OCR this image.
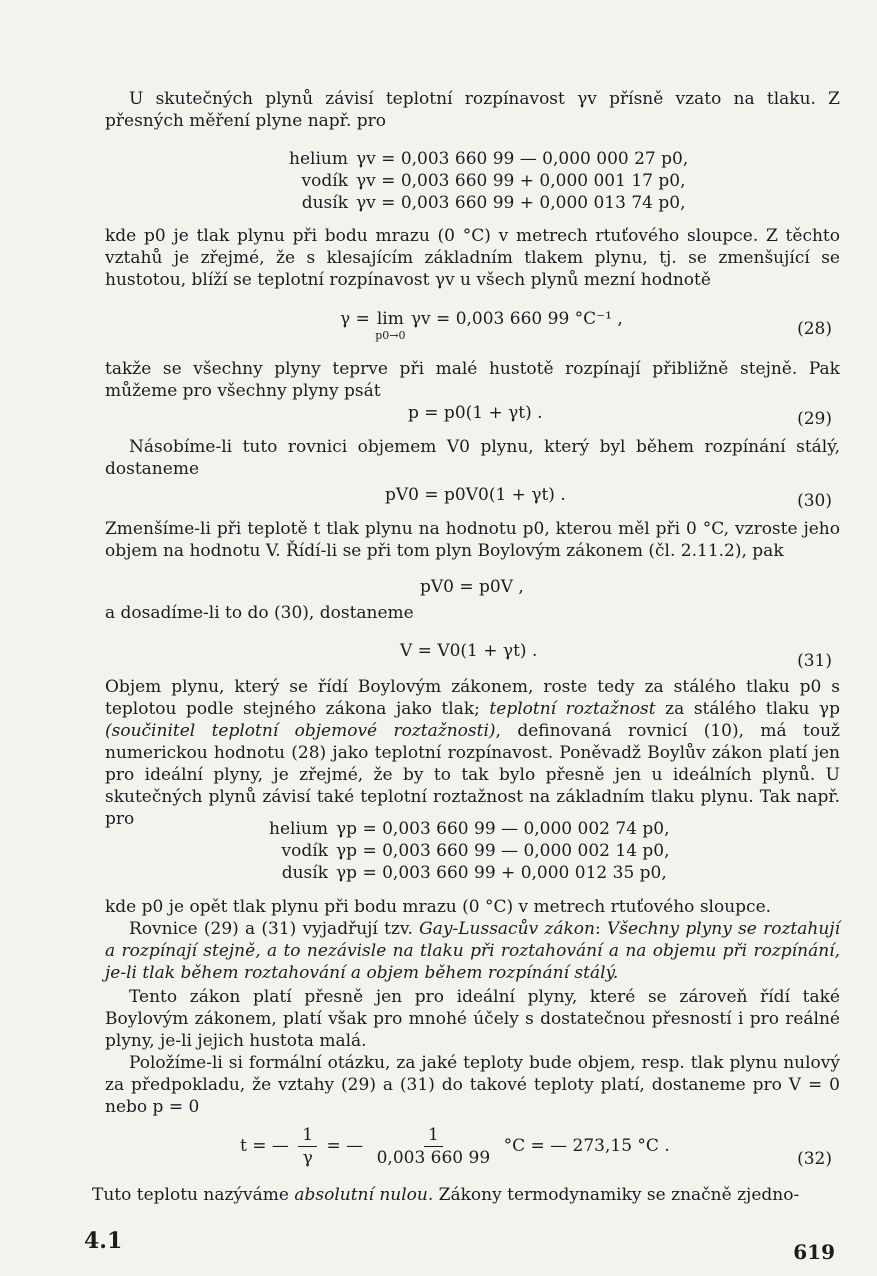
U skutečných plynů závisí teplotní rozpínavost γv přísně vzato na tlaku. Z přesných měření plyne např. pro

helium γv = 0,003 660 99 — 0,000 000 27 p0,
vodík γv = 0,003 660 99 + 0,000 001 17 p0,
dusík γv = 0,003 660 99 + 0,000 013 74 p0,

kde p0 je tlak plynu při bodu mrazu (0 °C) v metrech rtuťového sloupce. Z těchto vztahů je zřejmé, že s klesajícím základním tlakem plynu, tj. se zmenšující se hustotou, blíží se teplotní rozpínavost γv u všech plynů mezní hodnotě

γ = lim
p0→0
γv = 0,003 660 99 °C⁻¹ ,	(28)

takže se všechny plyny teprve při malé hustotě rozpínají přibližně stejně. Pak můžeme pro všechny plyny psát

p = p0(1 + γt) .	(29)

Násobíme-li tuto rovnici objemem V0 plynu, který byl během rozpínání stálý, dostaneme

pV0 = p0V0(1 + γt) .	(30)

Zmenšíme-li při teplotě t tlak plynu na hodnotu p0, kterou měl při 0 °C, vzroste jeho objem na hodnotu V. Řídí-li se při tom plyn Boylovým zákonem (čl. 2.11.2), pak

pV0 = p0V ,

a dosadíme-li to do (30), dostaneme

V = V0(1 + γt) .	(31)

Objem plynu, který se řídí Boylovým zákonem, roste tedy za stálého tlaku p0 s teplotou podle stejného zákona jako tlak; teplotní roztažnost za stálého tlaku γp (součinitel teplotní objemové roztažnosti), definovaná rovnicí (10), má touž numerickou hodnotu (28) jako teplotní rozpínavost. Poněvadž Boylův zákon platí jen pro ideální plyny, je zřejmé, že by to tak bylo přesně jen u ideálních plynů. U skutečných plynů závisí také teplotní roztažnost na základním tlaku plynu. Tak např. pro	helium γp = 0,003 660 99 — 0,000 002 74 p0,
vodík γp = 0,003 660 99 — 0,000 002 14 p0,
dusík γp = 0,003 660 99 + 0,000 012 35 p0,

kde p0 je opět tlak plynu při bodu mrazu (0 °C) v metrech rtuťového sloupce.

Rovnice (29) a (31) vyjadřují tzv. Gay-Lussacův zákon: Všechny plyny se roztahují a rozpínají stejně, a to nezávisle na tlaku při roztahování a na objemu při rozpínání, je-li tlak během roztahování a objem během rozpínání stálý.

Tento zákon platí přesně jen pro ideální plyny, které se zároveň řídí také Boylovým zákonem, platí však pro mnohé účely s dostatečnou přesností i pro reálné plyny, je-li jejich hustota malá.

Položíme-li si formální otázku, za jaké teploty bude objem, resp. tlak plynu nulový za předpokladu, že vztahy (29) a (31) do takové teploty platí, dostaneme pro V = 0 nebo p = 0

t = — $\frac{1}{\gamma}$ = — $\frac{1}{0,003 660 99} ^\circ C$ = — 273,15 °C .
(32)

Tuto teplotu nazýváme absolutní nulou. Zákony termodynamiky se značně zjedno-

4.1	619
